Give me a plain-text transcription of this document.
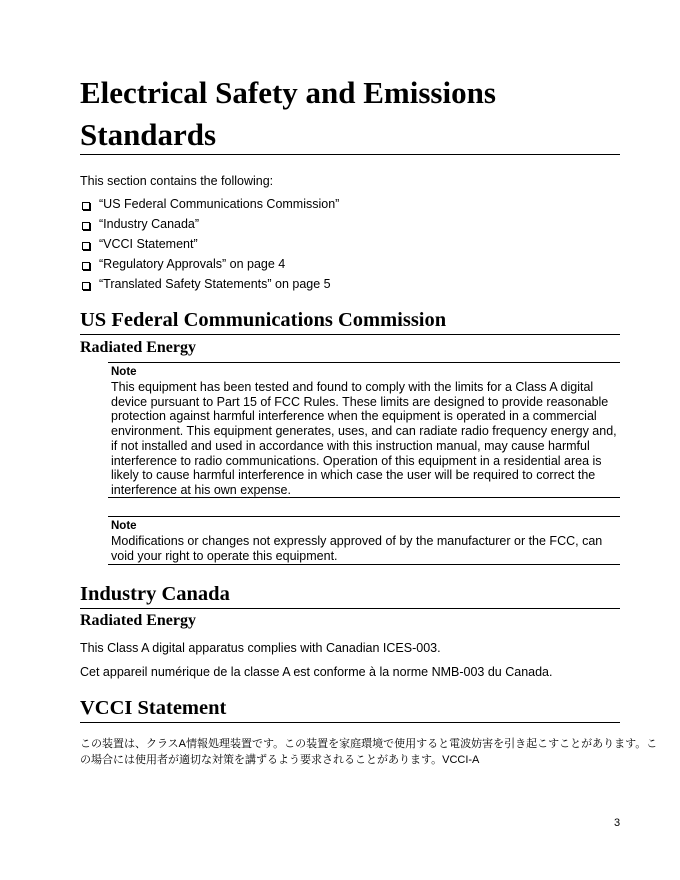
Electrical Safety and Emissions
Standards
This section contains the following:
“US Federal Communications Commission”
“Industry Canada”
“VCCI Statement”
“Regulatory Approvals” on page 4
“Translated Safety Statements” on page 5
US Federal Communications Commission
Radiated Energy
Note
This equipment has been tested and found to comply with the limits for a Class A digital device pursuant to Part 15 of FCC Rules. These limits are designed to provide reasonable protection against harmful interference when the equipment is operated in a commercial environment. This equipment generates, uses, and can radiate radio frequency energy and, if not installed and used in accordance with this instruction manual, may cause harmful interference to radio communications. Operation of this equipment in a residential area is likely to cause harmful interference in which case the user will be required to correct the interference at his own expense.
Note
Modifications or changes not expressly approved of by the manufacturer or the FCC, can void your right to operate this equipment.
Industry Canada
Radiated Energy
This Class A digital apparatus complies with Canadian ICES-003.
Cet appareil numérique de la classe A est conforme à la norme NMB-003 du Canada.
VCCI Statement
この装置は、クラスA情報処理装置です。この装置を家庭環境で使用すると電波妨害を引き起こすことがあります。こ
の場合には使用者が適切な対策を講ずるよう要求されることがあります。VCCI-A
3
